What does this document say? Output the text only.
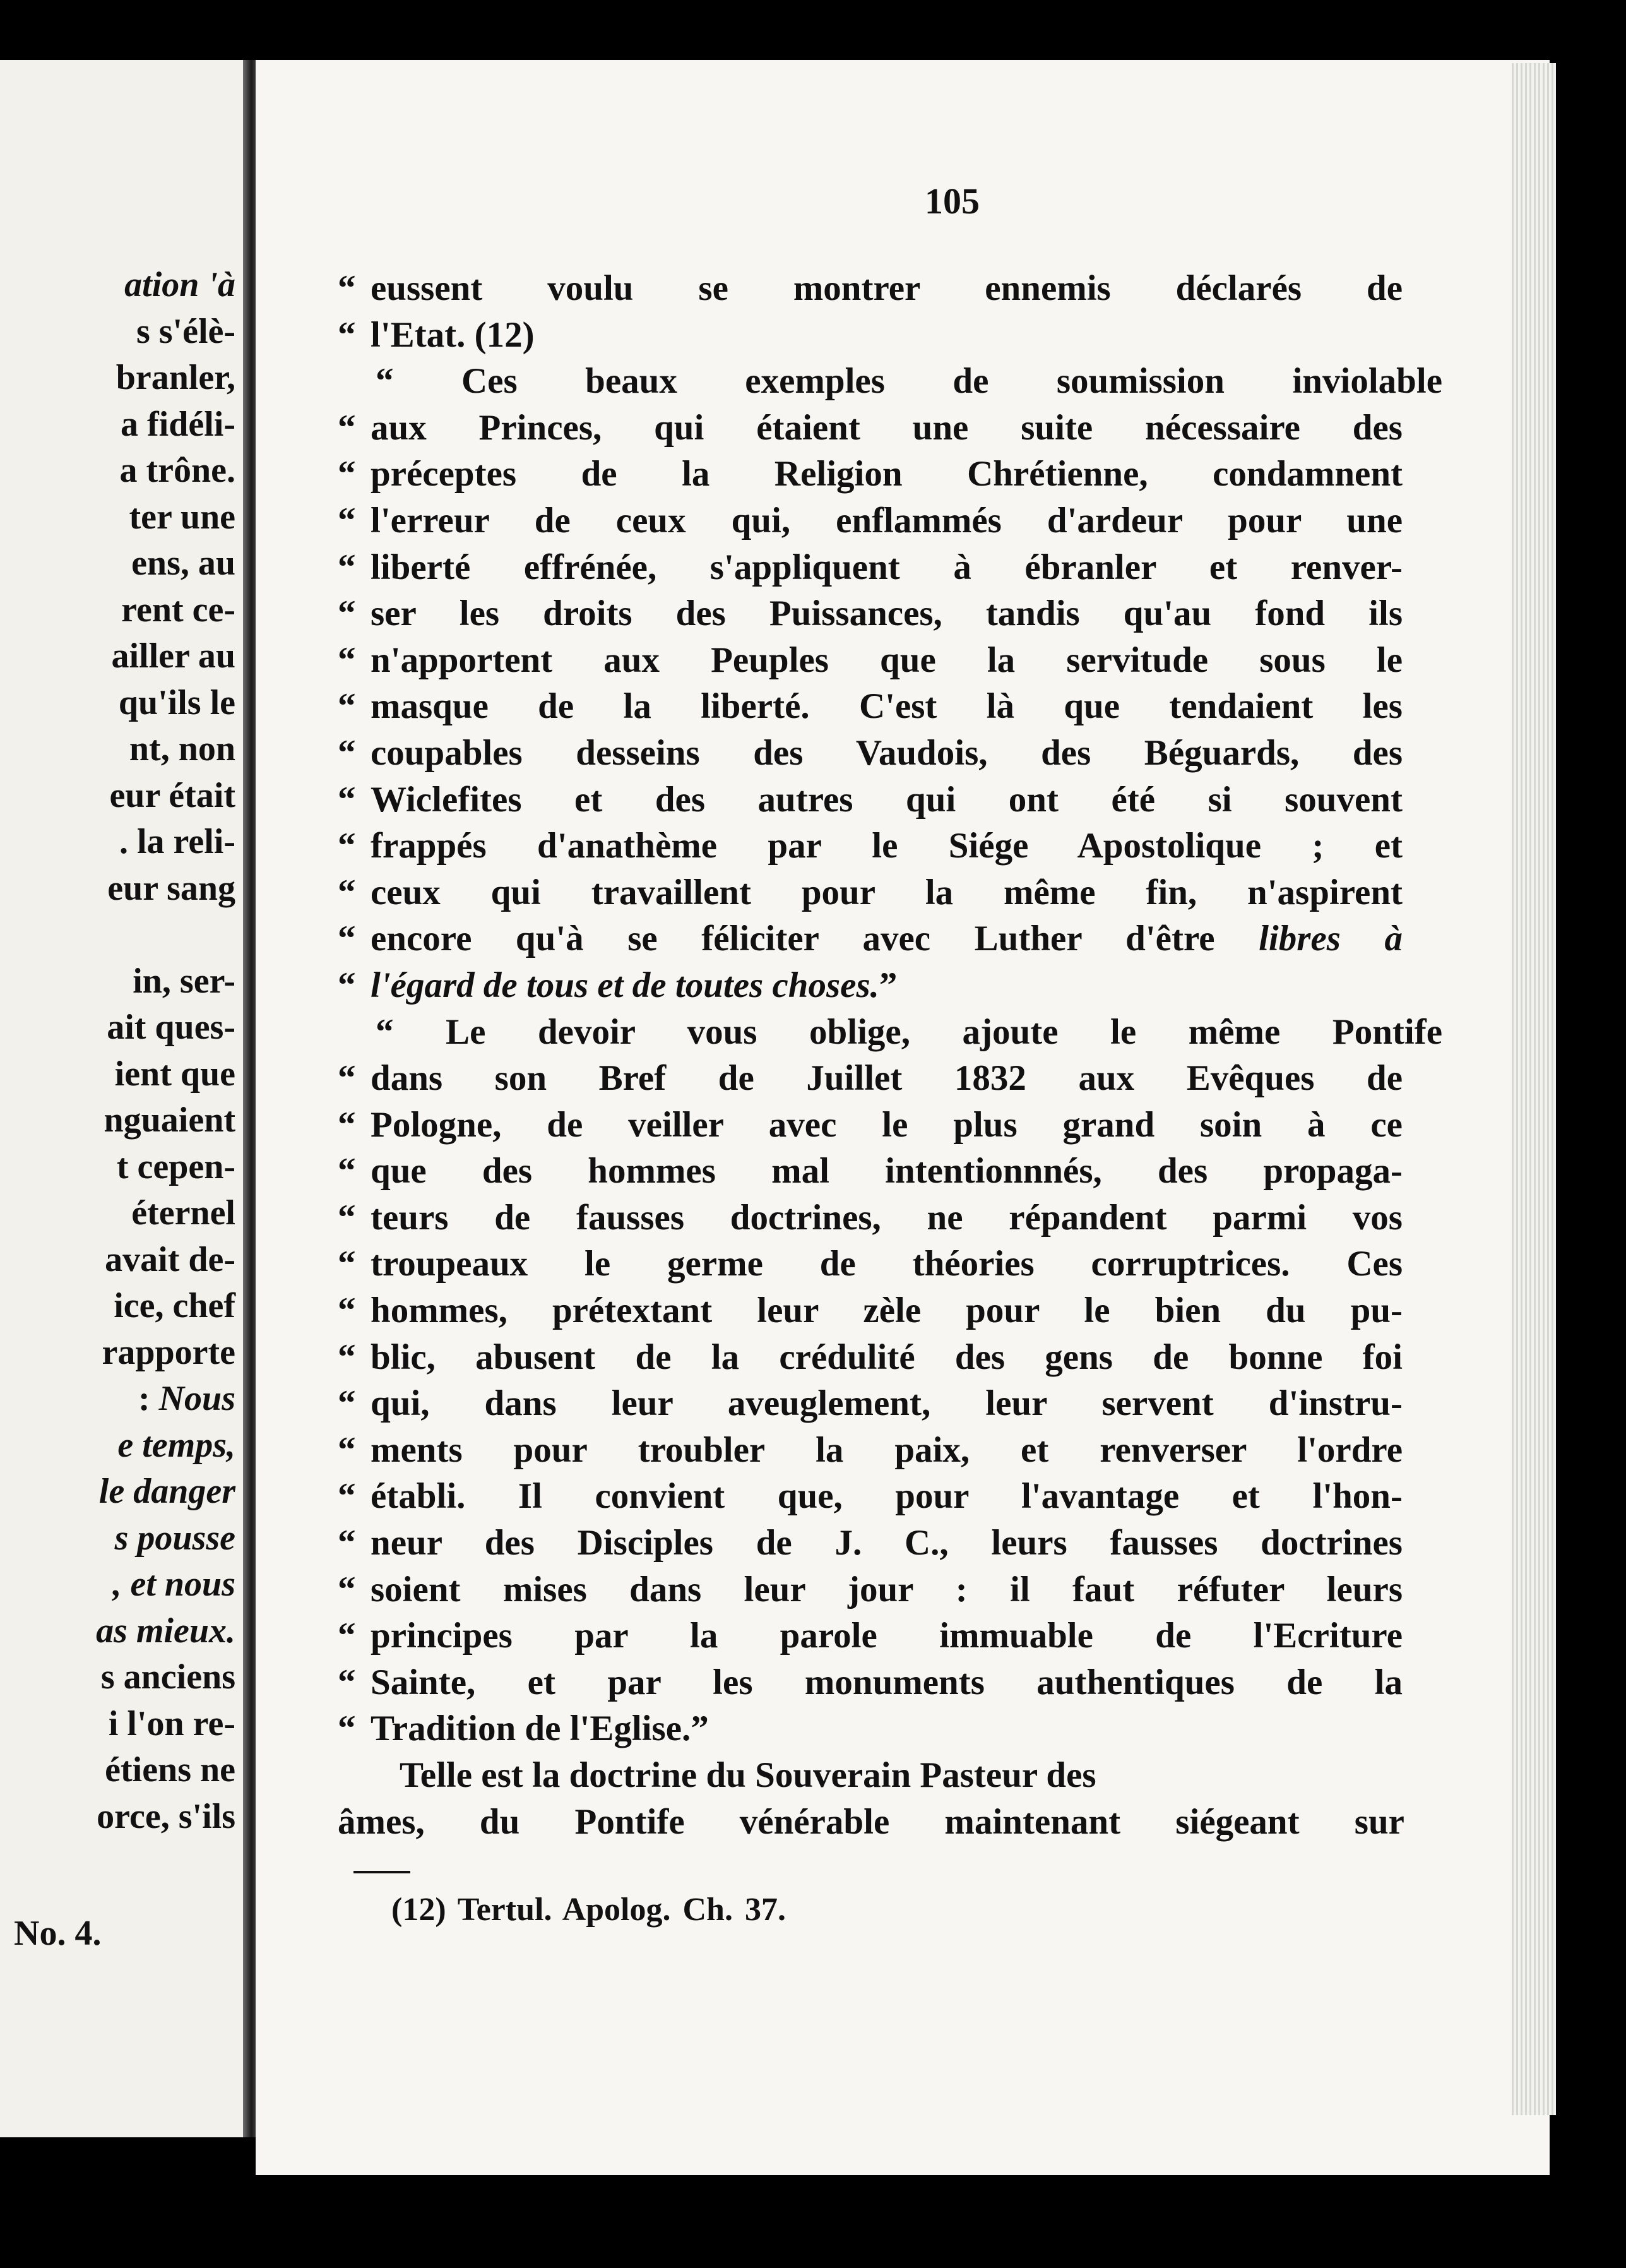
ation 'à
s s'élè-
branler,
a fidéli-
a trône.
ter une
ens, au
rent ce-
ailler au
qu'ils le
nt, non
eur était
. la reli-
eur sang

in, ser-
ait ques-
ient que
nguaient
t cepen-
éternel
avait de-
ice, chef
rapporte
: Nous
e temps,
le danger
s pousse
, et nous
as mieux.
s anciens
i l'on re-
étiens ne
orce, s'ils
No. 4.
105
“ eussent voulu se montrer ennemis déclarés de
“ l'Etat. (12)
“ Ces beaux exemples de soumission inviolable
“ aux Princes, qui étaient une suite nécessaire des
“ préceptes de la Religion Chrétienne, condamnent
“ l'erreur de ceux qui, enflammés d'ardeur pour une
“ liberté effrénée, s'appliquent à ébranler et renver-
“ ser les droits des Puissances, tandis qu'au fond ils
“ n'apportent aux Peuples que la servitude sous le
“ masque de la liberté. C'est là que tendaient les
“ coupables desseins des Vaudois, des Béguards, des
“ Wiclefites et des autres qui ont été si souvent
“ frappés d'anathème par le Siége Apostolique ; et
“ ceux qui travaillent pour la même fin, n'aspirent
“ encore qu'à se féliciter avec Luther d'être libres à
“ l'égard de tous et de toutes choses.”
“ Le devoir vous oblige, ajoute le même Pontife
“ dans son Bref de Juillet 1832 aux Evêques de
“ Pologne, de veiller avec le plus grand soin à ce
“ que des hommes mal intentionnnés, des propaga-
“ teurs de fausses doctrines, ne répandent parmi vos
“ troupeaux le germe de théories corruptrices. Ces
“ hommes, prétextant leur zèle pour le bien du pu-
“ blic, abusent de la crédulité des gens de bonne foi
“ qui, dans leur aveuglement, leur servent d'instru-
“ ments pour troubler la paix, et renverser l'ordre
“ établi. Il convient que, pour l'avantage et l'hon-
“ neur des Disciples de J. C., leurs fausses doctrines
“ soient mises dans leur jour : il faut réfuter leurs
“ principes par la parole immuable de l'Ecriture
“ Sainte, et par les monuments authentiques de la
“ Tradition de l'Eglise.”
Telle est la doctrine du Souverain Pasteur des
âmes, du Pontife vénérable maintenant siégeant sur
(12) Tertul. Apolog. Ch. 37.
